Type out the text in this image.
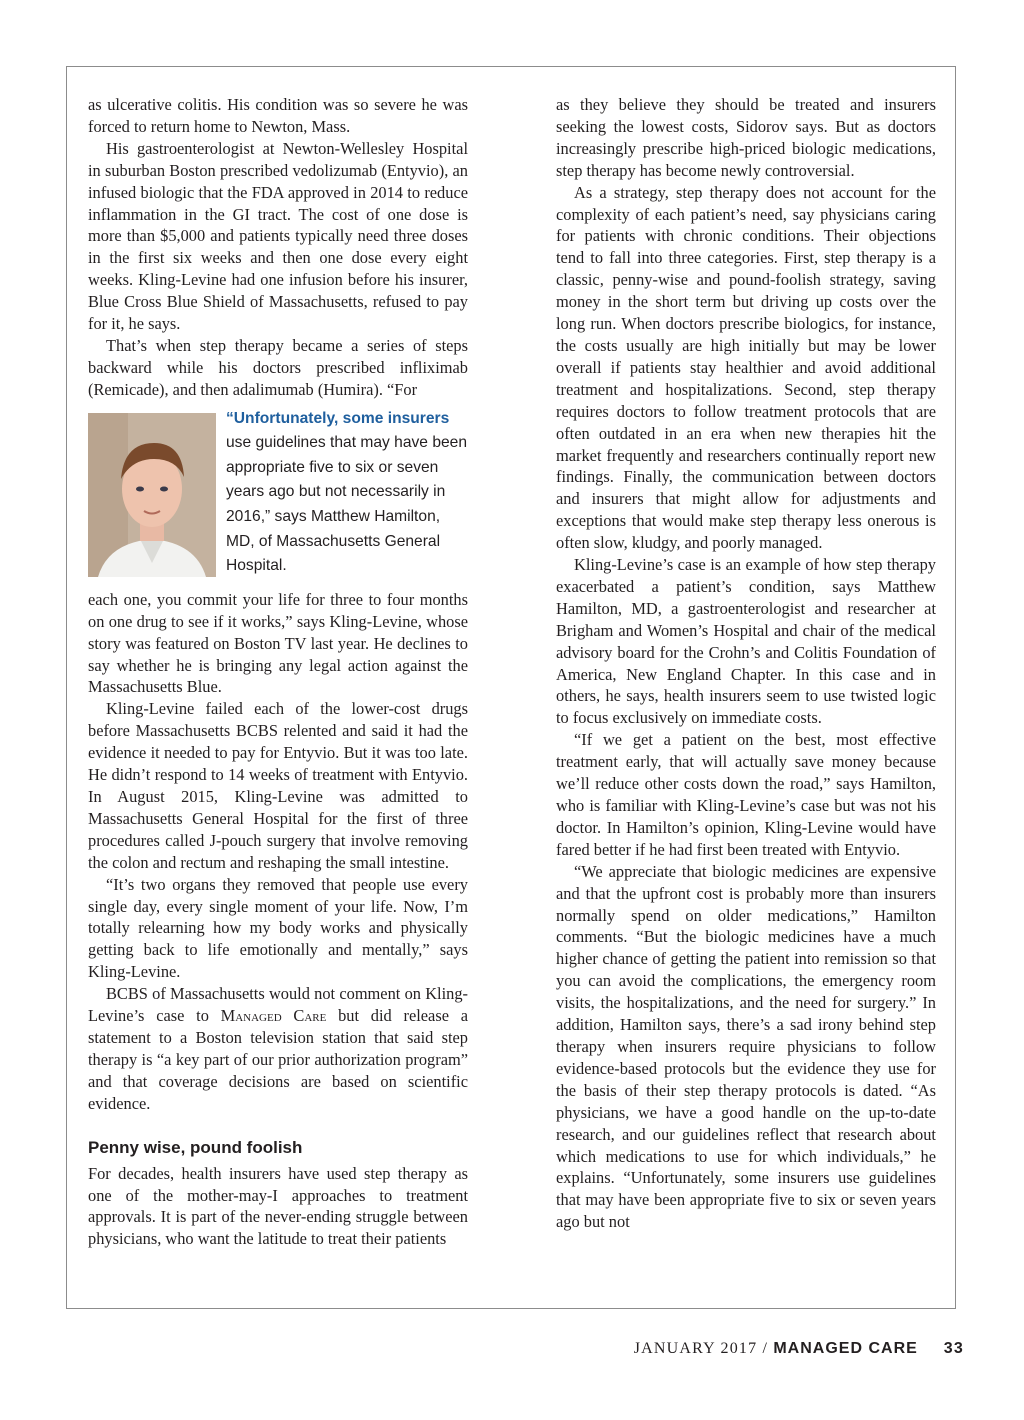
as ulcerative colitis. His condition was so severe he was forced to return home to Newton, Mass.

His gastroenterologist at Newton-Wellesley Hospital in suburban Boston prescribed vedolizumab (Entyvio), an infused biologic that the FDA approved in 2014 to reduce inflammation in the GI tract. The cost of one dose is more than $5,000 and patients typically need three doses in the first six weeks and then one dose every eight weeks. Kling-Levine had one infusion before his insurer, Blue Cross Blue Shield of Massachusetts, refused to pay for it, he says.

That’s when step therapy became a series of steps backward while his doctors prescribed infliximab (Remicade), and then adalimumab (Humira). “For

“Unfortunately, some insurers
use guidelines that may have been appropriate five to six or seven years ago but not necessarily in 2016,” says Matthew Hamilton, MD, of Massachusetts General Hospital.

each one, you commit your life for three to four months on one drug to see if it works,” says Kling-Levine, whose story was featured on Boston TV last year. He declines to say whether he is bringing any legal action against the Massachusetts Blue.

Kling-Levine failed each of the lower-cost drugs before Massachusetts BCBS relented and said it had the evidence it needed to pay for Entyvio. But it was too late. He didn’t respond to 14 weeks of treatment with Entyvio. In August 2015, Kling-Levine was admitted to Massachusetts General Hospital for the first of three procedures called J-pouch surgery that involve removing the colon and rectum and reshaping the small intestine.

“It’s two organs they removed that people use every single day, every single moment of your life. Now, I’m totally relearning how my body works and physically getting back to life emotionally and mentally,” says Kling-Levine.

BCBS of Massachusetts would not comment on Kling-Levine’s case to Managed Care but did release a statement to a Boston television station that said step therapy is “a key part of our prior authorization program” and that coverage decisions are based on scientific evidence.

Penny wise, pound foolish

For decades, health insurers have used step therapy as one of the mother-may-I approaches to treatment approvals. It is part of the never-ending struggle between physicians, who want the latitude to treat their patients

as they believe they should be treated and insurers seeking the lowest costs, Sidorov says. But as doctors increasingly prescribe high-priced biologic medications, step therapy has become newly controversial.

As a strategy, step therapy does not account for the complexity of each patient’s need, say physicians caring for patients with chronic conditions. Their objections tend to fall into three categories. First, step therapy is a classic, penny-wise and pound-foolish strategy, saving money in the short term but driving up costs over the long run. When doctors prescribe biologics, for instance, the costs usually are high initially but may be lower overall if patients stay healthier and avoid additional treatment and hospitalizations. Second, step therapy requires doctors to follow treatment protocols that are often outdated in an era when new therapies hit the market frequently and researchers continually report new findings. Finally, the communication between doctors and insurers that might allow for adjustments and exceptions that would make step therapy less onerous is often slow, kludgy, and poorly managed.

Kling-Levine’s case is an example of how step therapy exacerbated a patient’s condition, says Matthew Hamilton, MD, a gastroenterologist and researcher at Brigham and Women’s Hospital and chair of the medical advisory board for the Crohn’s and Colitis Foundation of America, New England Chapter. In this case and in others, he says, health insurers seem to use twisted logic to focus exclusively on immediate costs.

“If we get a patient on the best, most effective treatment early, that will actually save money because we’ll reduce other costs down the road,” says Hamilton, who is familiar with Kling-Levine’s case but was not his doctor. In Hamilton’s opinion, Kling-Levine would have fared better if he had first been treated with Entyvio.

“We appreciate that biologic medicines are expensive and that the upfront cost is probably more than insurers normally spend on older medications,” Hamilton comments. “But the biologic medicines have a much higher chance of getting the patient into remission so that you can avoid the complications, the emergency room visits, the hospitalizations, and the need for surgery.” In addition, Hamilton says, there’s a sad irony behind step therapy when insurers require physicians to follow evidence-based protocols but the evidence they use for the basis of their step therapy protocols is dated. “As physicians, we have a good handle on the up-to-date research, and our guidelines reflect that research about which medications to use for which individuals,” he explains. “Unfortunately, some insurers use guidelines that may have been appropriate five to six or seven years ago but not

JANUARY 2017 / MANAGED CARE 33
